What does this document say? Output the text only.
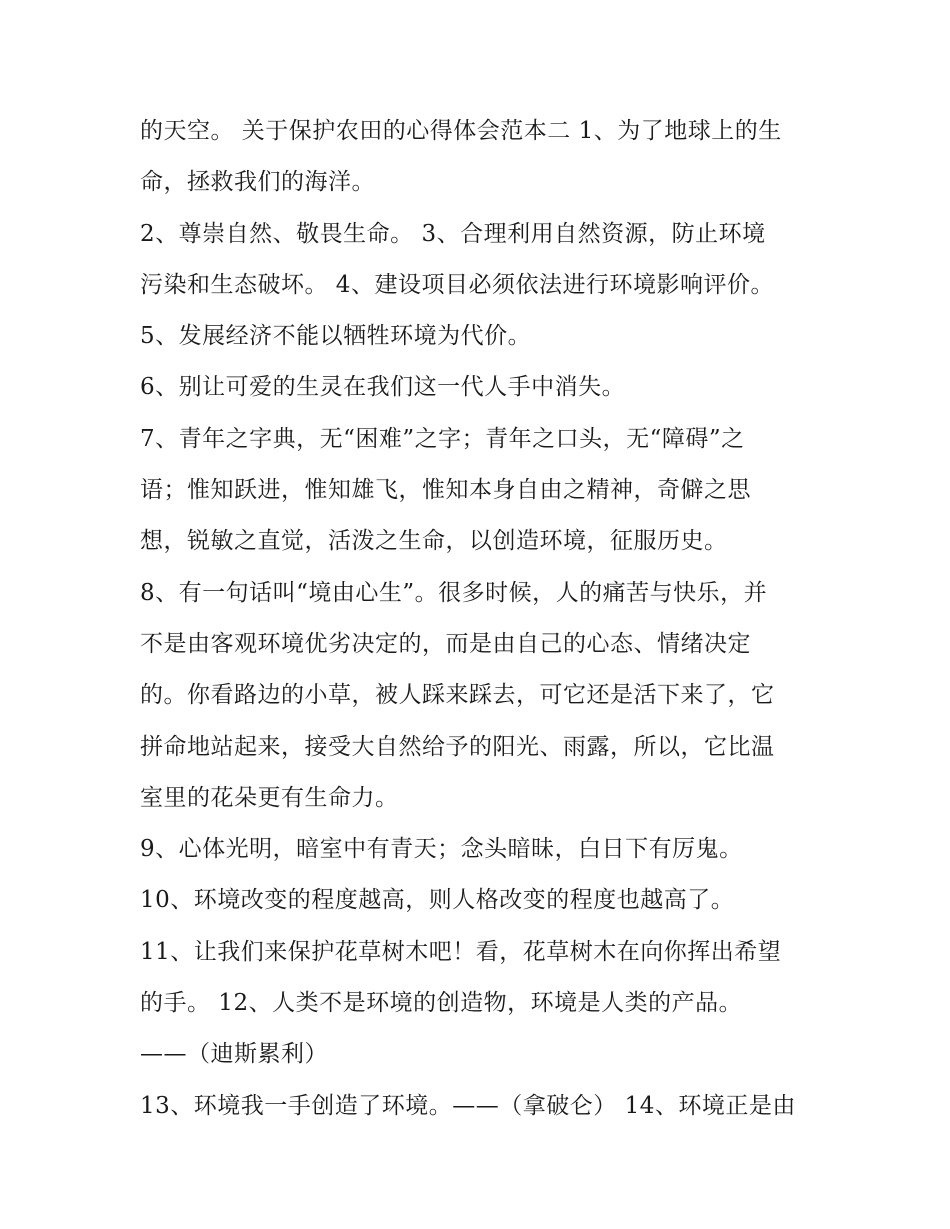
的天空。 关于保护农田的心得体会范本二 1、为了地球上的生
命，拯救我们的海洋。
2、尊崇自然、敬畏生命。 3、合理利用自然资源，防止环境
污染和生态破坏。 4、建设项目必须依法进行环境影响评价。
5、发展经济不能以牺牲环境为代价。
6、别让可爱的生灵在我们这一代人手中消失。
7、青年之字典，无“困难”之字；青年之口头，无“障碍”之
语；惟知跃进，惟知雄飞，惟知本身自由之精神，奇僻之思
想，锐敏之直觉，活泼之生命，以创造环境，征服历史。
8、有一句话叫“境由心生”。很多时候，人的痛苦与快乐，并
不是由客观环境优劣决定的，而是由自己的心态、情绪决定
的。你看路边的小草，被人踩来踩去，可它还是活下来了，它
拼命地站起来，接受大自然给予的阳光、雨露，所以，它比温
室里的花朵更有生命力。
9、心体光明，暗室中有青天；念头暗昧，白日下有厉鬼。
10、环境改变的程度越高，则人格改变的程度也越高了。
11、让我们来保护花草树木吧！看，花草树木在向你挥出希望
的手。 12、人类不是环境的创造物，环境是人类的产品。
——（迪斯累利）
13、环境我一手创造了环境。——（拿破仑） 14、环境正是由
